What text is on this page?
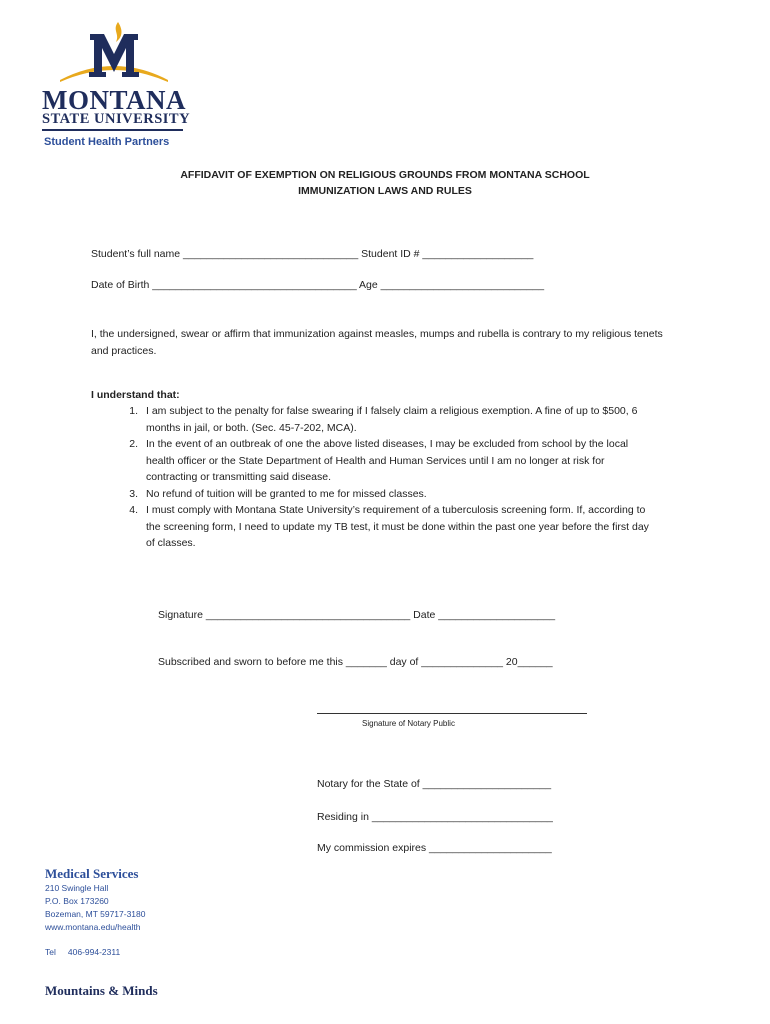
MONTANA
STATE UNIVERSITY
Student Health Partners
AFFIDAVIT OF EXEMPTION ON RELIGIOUS GROUNDS FROM MONTANA SCHOOL
IMMUNIZATION LAWS AND RULES
Student’s full name ______________________________ Student ID # ___________________
Date of Birth ___________________________________ Age ____________________________
I, the undersigned, swear or affirm that immunization against measles, mumps and rubella is contrary to my religious tenets and practices.
I understand that:
1. I am subject to the penalty for false swearing if I falsely claim a religious exemption. A fine of up to $500, 6 months in jail, or both. (Sec. 45-7-202, MCA).
2. In the event of an outbreak of one the above listed diseases, I may be excluded from school by the local health officer or the State Department of Health and Human Services until I am no longer at risk for contracting or transmitting said disease.
3. No refund of tuition will be granted to me for missed classes.
4. I must comply with Montana State University’s requirement of a tuberculosis screening form. If, according to the screening form, I need to update my TB test, it must be done within the past one year before the first day of classes.
Signature ___________________________________ Date ____________________
Subscribed and sworn to before me this _______ day of ______________ 20______
Signature of Notary Public
Notary for the State of ______________________
Residing in _______________________________
My commission expires _____________________
Medical Services
210 Swingle Hall
P.O. Box 173260
Bozeman, MT 59717-3180
www.montana.edu/health
Tel 406-994-2311
Mountains & Minds
